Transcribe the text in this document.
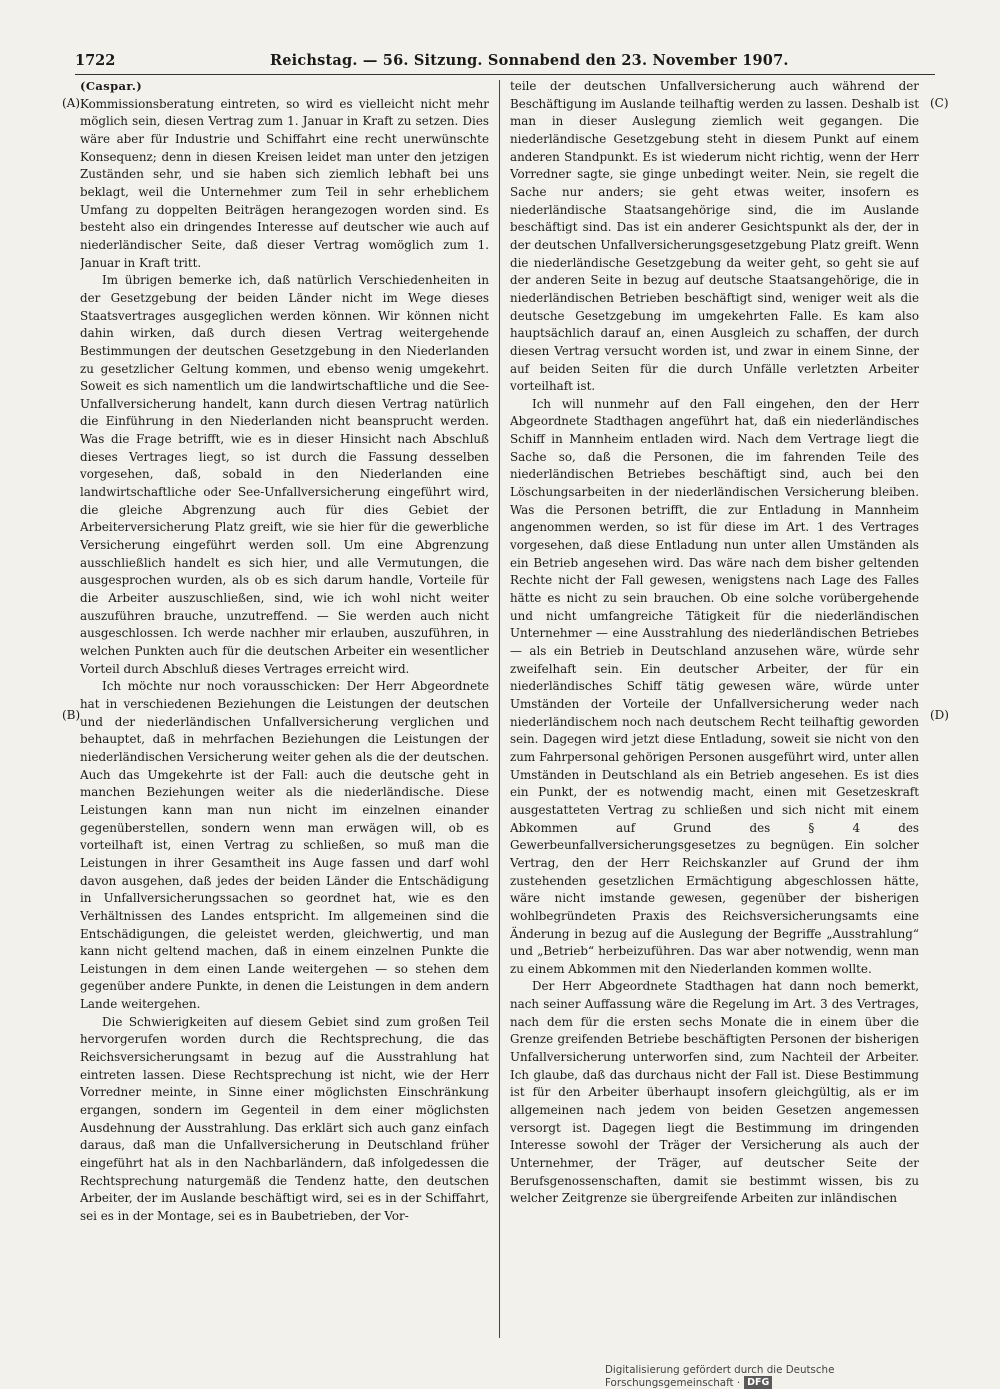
1722	Reichstag. — 56. Sitzung. Sonnabend den 23. November 1907.
(A)
(B)
(C)
(D)

(Caspar.)

Kommissionsberatung eintreten, so wird es vielleicht nicht mehr möglich sein, diesen Vertrag zum 1. Januar in Kraft zu setzen. Dies wäre aber für Industrie und Schiffahrt eine recht unerwünschte Konsequenz; denn in diesen Kreisen leidet man unter den jetzigen Zuständen sehr, und sie haben sich ziemlich lebhaft bei uns beklagt, weil die Unternehmer zum Teil in sehr erheblichem Umfang zu doppelten Beiträgen herangezogen worden sind. Es besteht also ein dringendes Interesse auf deutscher wie auch auf niederländischer Seite, daß dieser Vertrag womöglich zum 1. Januar in Kraft tritt.

Im übrigen bemerke ich, daß natürlich Verschiedenheiten in der Gesetzgebung der beiden Länder nicht im Wege dieses Staatsvertrages ausgeglichen werden können. Wir können nicht dahin wirken, daß durch diesen Vertrag weitergehende Bestimmungen der deutschen Gesetzgebung in den Niederlanden zu gesetzlicher Geltung kommen, und ebenso wenig umgekehrt. Soweit es sich namentlich um die landwirtschaftliche und die See-Unfallversicherung handelt, kann durch diesen Vertrag natürlich die Einführung in den Niederlanden nicht beansprucht werden. Was die Frage betrifft, wie es in dieser Hinsicht nach Abschluß dieses Vertrages liegt, so ist durch die Fassung desselben vorgesehen, daß, sobald in den Niederlanden eine landwirtschaftliche oder See-Unfallversicherung eingeführt wird, die gleiche Abgrenzung auch für dies Gebiet der Arbeiterversicherung Platz greift, wie sie hier für die gewerbliche Versicherung eingeführt werden soll. Um eine Abgrenzung ausschließlich handelt es sich hier, und alle Vermutungen, die ausgesprochen wurden, als ob es sich darum handle, Vorteile für die Arbeiter auszuschließen, sind, wie ich wohl nicht weiter auszuführen brauche, unzutreffend. — Sie werden auch nicht ausgeschlossen. Ich werde nachher mir erlauben, auszuführen, in welchen Punkten auch für die deutschen Arbeiter ein wesentlicher Vorteil durch Abschluß dieses Vertrages erreicht wird.

Ich möchte nur noch vorausschicken: Der Herr Abgeordnete hat in verschiedenen Beziehungen die Leistungen der deutschen und der niederländischen Unfallversicherung verglichen und behauptet, daß in mehrfachen Beziehungen die Leistungen der niederländischen Versicherung weiter gehen als die der deutschen. Auch das Umgekehrte ist der Fall: auch die deutsche geht in manchen Beziehungen weiter als die niederländische. Diese Leistungen kann man nun nicht im einzelnen einander gegenüberstellen, sondern wenn man erwägen will, ob es vorteilhaft ist, einen Vertrag zu schließen, so muß man die Leistungen in ihrer Gesamtheit ins Auge fassen und darf wohl davon ausgehen, daß jedes der beiden Länder die Entschädigung in Unfallversicherungssachen so geordnet hat, wie es den Verhältnissen des Landes entspricht. Im allgemeinen sind die Entschädigungen, die geleistet werden, gleichwertig, und man kann nicht geltend machen, daß in einem einzelnen Punkte die Leistungen in dem einen Lande weitergehen — so stehen dem gegenüber andere Punkte, in denen die Leistungen in dem andern Lande weitergehen.

Die Schwierigkeiten auf diesem Gebiet sind zum großen Teil hervorgerufen worden durch die Rechtsprechung, die das Reichsversicherungsamt in bezug auf die Ausstrahlung hat eintreten lassen. Diese Rechtsprechung ist nicht, wie der Herr Vorredner meinte, in Sinne einer möglichsten Einschränkung ergangen, sondern im Gegenteil in dem einer möglichsten Ausdehnung der Ausstrahlung. Das erklärt sich auch ganz einfach daraus, daß man die Unfallversicherung in Deutschland früher eingeführt hat als in den Nachbarländern, daß infolgedessen die Rechtsprechung naturgemäß die Tendenz hatte, den deutschen Arbeiter, der im Auslande beschäftigt wird, sei es in der Schiffahrt, sei es in der Montage, sei es in Baubetrieben, der Vor-

teile der deutschen Unfallversicherung auch während der Beschäftigung im Auslande teilhaftig werden zu lassen. Deshalb ist man in dieser Auslegung ziemlich weit gegangen. Die niederländische Gesetzgebung steht in diesem Punkt auf einem anderen Standpunkt. Es ist wiederum nicht richtig, wenn der Herr Vorredner sagte, sie ginge unbedingt weiter. Nein, sie regelt die Sache nur anders; sie geht etwas weiter, insofern es niederländische Staatsangehörige sind, die im Auslande beschäftigt sind. Das ist ein anderer Gesichtspunkt als der, der in der deutschen Unfallversicherungsgesetzgebung Platz greift. Wenn die niederländische Gesetzgebung da weiter geht, so geht sie auf der anderen Seite in bezug auf deutsche Staatsangehörige, die in niederländischen Betrieben beschäftigt sind, weniger weit als die deutsche Gesetzgebung im umgekehrten Falle. Es kam also hauptsächlich darauf an, einen Ausgleich zu schaffen, der durch diesen Vertrag versucht worden ist, und zwar in einem Sinne, der auf beiden Seiten für die durch Unfälle verletzten Arbeiter vorteilhaft ist.

Ich will nunmehr auf den Fall eingehen, den der Herr Abgeordnete Stadthagen angeführt hat, daß ein niederländisches Schiff in Mannheim entladen wird. Nach dem Vertrage liegt die Sache so, daß die Personen, die im fahrenden Teile des niederländischen Betriebes beschäftigt sind, auch bei den Löschungsarbeiten in der niederländischen Versicherung bleiben. Was die Personen betrifft, die zur Entladung in Mannheim angenommen werden, so ist für diese im Art. 1 des Vertrages vorgesehen, daß diese Entladung nun unter allen Umständen als ein Betrieb angesehen wird. Das wäre nach dem bisher geltenden Rechte nicht der Fall gewesen, wenigstens nach Lage des Falles hätte es nicht zu sein brauchen. Ob eine solche vorübergehende und nicht umfangreiche Tätigkeit für die niederländischen Unternehmer — eine Ausstrahlung des niederländischen Betriebes — als ein Betrieb in Deutschland anzusehen wäre, würde sehr zweifelhaft sein. Ein deutscher Arbeiter, der für ein niederländisches Schiff tätig gewesen wäre, würde unter Umständen der Vorteile der Unfallversicherung weder nach niederländischem noch nach deutschem Recht teilhaftig geworden sein. Dagegen wird jetzt diese Entladung, soweit sie nicht von den zum Fahrpersonal gehörigen Personen ausgeführt wird, unter allen Umständen in Deutschland als ein Betrieb angesehen. Es ist dies ein Punkt, der es notwendig macht, einen mit Gesetzeskraft ausgestatteten Vertrag zu schließen und sich nicht mit einem Abkommen auf Grund des § 4 des Gewerbeunfallversicherungsgesetzes zu begnügen. Ein solcher Vertrag, den der Herr Reichskanzler auf Grund der ihm zustehenden gesetzlichen Ermächtigung abgeschlossen hätte, wäre nicht imstande gewesen, gegenüber der bisherigen wohlbegründeten Praxis des Reichsversicherungsamts eine Änderung in bezug auf die Auslegung der Begriffe „Ausstrahlung“ und „Betrieb“ herbeizuführen. Das war aber notwendig, wenn man zu einem Abkommen mit den Niederlanden kommen wollte.

Der Herr Abgeordnete Stadthagen hat dann noch bemerkt, nach seiner Auffassung wäre die Regelung im Art. 3 des Vertrages, nach dem für die ersten sechs Monate die in einem über die Grenze greifenden Betriebe beschäftigten Personen der bisherigen Unfallversicherung unterworfen sind, zum Nachteil der Arbeiter. Ich glaube, daß das durchaus nicht der Fall ist. Diese Bestimmung ist für den Arbeiter überhaupt insofern gleichgültig, als er im allgemeinen nach jedem von beiden Gesetzen angemessen versorgt ist. Dagegen liegt die Bestimmung im dringenden Interesse sowohl der Träger der Versicherung als auch der Unternehmer, der Träger, auf deutscher Seite der Berufsgenossenschaften, damit sie bestimmt wissen, bis zu welcher Zeitgrenze sie übergreifende Arbeiten zur inländischen

Digitalisierung gefördert durch die Deutsche Forschungsgemeinschaft · DFG
